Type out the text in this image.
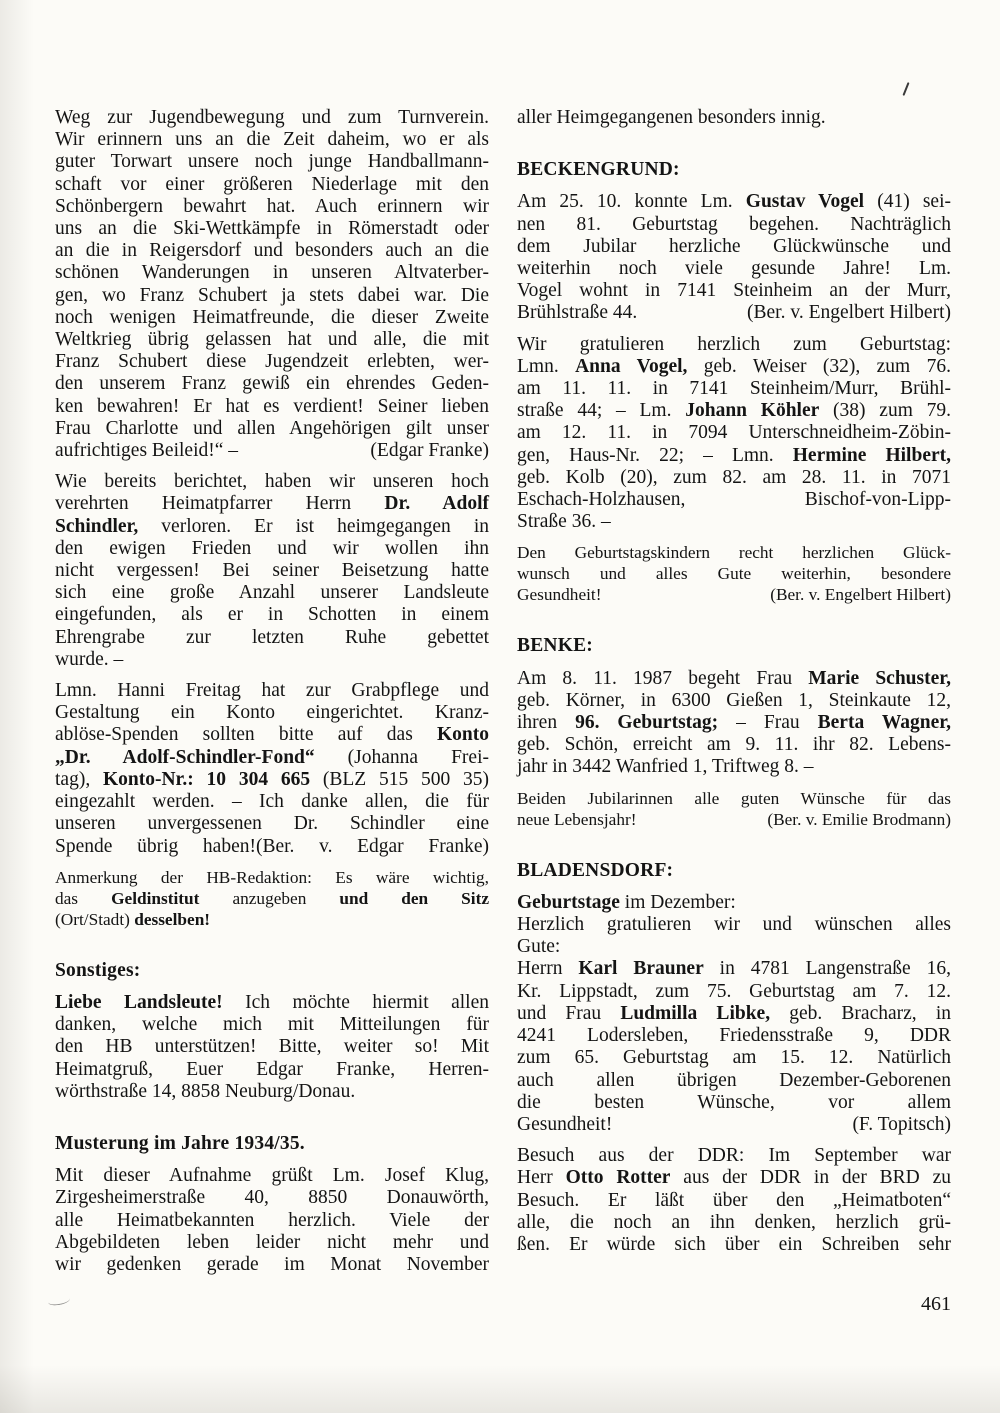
Weg zur Jugendbewegung und zum Turnverein.
Wir erinnern uns an die Zeit daheim, wo er als
guter Torwart unsere noch junge Handballmann-
schaft vor einer größeren Niederlage mit den
Schönbergern bewahrt hat. Auch erinnern wir
uns an die Ski-Wettkämpfe in Römerstadt oder
an die in Reigersdorf und besonders auch an die
schönen Wanderungen in unseren Altvaterber-
gen, wo Franz Schubert ja stets dabei war. Die
noch wenigen Heimatfreunde, die dieser Zweite
Weltkrieg übrig gelassen hat und alle, die mit
Franz Schubert diese Jugendzeit erlebten, wer-
den unserem Franz gewiß ein ehrendes Geden-
ken bewahren! Er hat es verdient! Seiner lieben
Frau Charlotte und allen Angehörigen gilt unser
aufrichtiges Beileid!“ –	(Edgar Franke)
Wie bereits berichtet, haben wir unseren hoch
verehrten Heimatpfarrer Herrn Dr. Adolf
Schindler, verloren. Er ist heimgegangen in
den ewigen Frieden und wir wollen ihn
nicht vergessen! Bei seiner Beisetzung hatte
sich eine große Anzahl unserer Landsleute
eingefunden, als er in Schotten in einem
Ehrengrabe zur letzten Ruhe gebettet
wurde. –
Lmn. Hanni Freitag hat zur Grabpflege und
Gestaltung ein Konto eingerichtet. Kranz-
ablöse-Spenden sollten bitte auf das Konto
„Dr. Adolf-Schindler-Fond“ (Johanna Frei-
tag), Konto-Nr.: 10 304 665 (BLZ 515 500 35)
eingezahlt werden. – Ich danke allen, die für
unseren unvergessenen Dr. Schindler eine
Spende übrig haben!(Ber. v. Edgar Franke)
Anmerkung der HB-Redaktion: Es wäre wichtig,
das Geldinstitut anzugeben und den Sitz
(Ort/Stadt) desselben!
Sonstiges:
Liebe Landsleute! Ich möchte hiermit allen
danken, welche mich mit Mitteilungen für
den HB unterstützen! Bitte, weiter so! Mit
Heimatgruß, Euer Edgar Franke, Herren-
wörthstraße 14, 8858 Neuburg/Donau.
Musterung im Jahre 1934/35.
Mit dieser Aufnahme grüßt Lm. Josef Klug,
Zirgesheimerstraße 40, 8850 Donauwörth,
alle Heimatbekannten herzlich. Viele der
Abgebildeten leben leider nicht mehr und
wir gedenken gerade im Monat November
aller Heimgegangenen besonders innig.
BECKENGRUND:
Am 25. 10. konnte Lm. Gustav Vogel (41) sei-
nen 81. Geburtstag begehen. Nachträglich
dem Jubilar herzliche Glückwünsche und
weiterhin noch viele gesunde Jahre! Lm.
Vogel wohnt in 7141 Steinheim an der Murr,
Brühlstraße 44.	(Ber. v. Engelbert Hilbert)
Wir gratulieren herzlich zum Geburtstag:
Lmn. Anna Vogel, geb. Weiser (32), zum 76.
am 11. 11. in 7141 Steinheim/Murr, Brühl-
straße 44; – Lm. Johann Köhler (38) zum 79.
am 12. 11. in 7094 Unterschneidheim-Zöbin-
gen, Haus-Nr. 22; – Lmn. Hermine Hilbert,
geb. Kolb (20), zum 82. am 28. 11. in 7071
Eschach-Holzhausen, Bischof-von-Lipp-
Straße 36. –
Den Geburtstagskindern recht herzlichen Glück-
wunsch und alles Gute weiterhin, besondere
Gesundheit!	(Ber. v. Engelbert Hilbert)
BENKE:
Am 8. 11. 1987 begeht Frau Marie Schuster,
geb. Körner, in 6300 Gießen 1, Steinkaute 12,
ihren 96. Geburtstag; – Frau Berta Wagner,
geb. Schön, erreicht am 9. 11. ihr 82. Lebens-
jahr in 3442 Wanfried 1, Triftweg 8. –
Beiden Jubilarinnen alle guten Wünsche für das
neue Lebensjahr!	(Ber. v. Emilie Brodmann)
BLADENSDORF:
Geburtstage im Dezember:
Herzlich gratulieren wir und wünschen alles
Gute:
Herrn Karl Brauner in 4781 Langenstraße 16,
Kr. Lippstadt, zum 75. Geburtstag am 7. 12.
und Frau Ludmilla Libke, geb. Bracharz, in
4241 Lodersleben, Friedensstraße 9, DDR
zum 65. Geburtstag am 15. 12. Natürlich
auch allen übrigen Dezember-Geborenen
die besten Wünsche, vor allem
Gesundheit!	(F. Topitsch)
Besuch aus der DDR: Im September war
Herr Otto Rotter aus der DDR in der BRD zu
Besuch. Er läßt über den „Heimatboten“
alle, die noch an ihn denken, herzlich grü-
ßen. Er würde sich über ein Schreiben sehr
461
